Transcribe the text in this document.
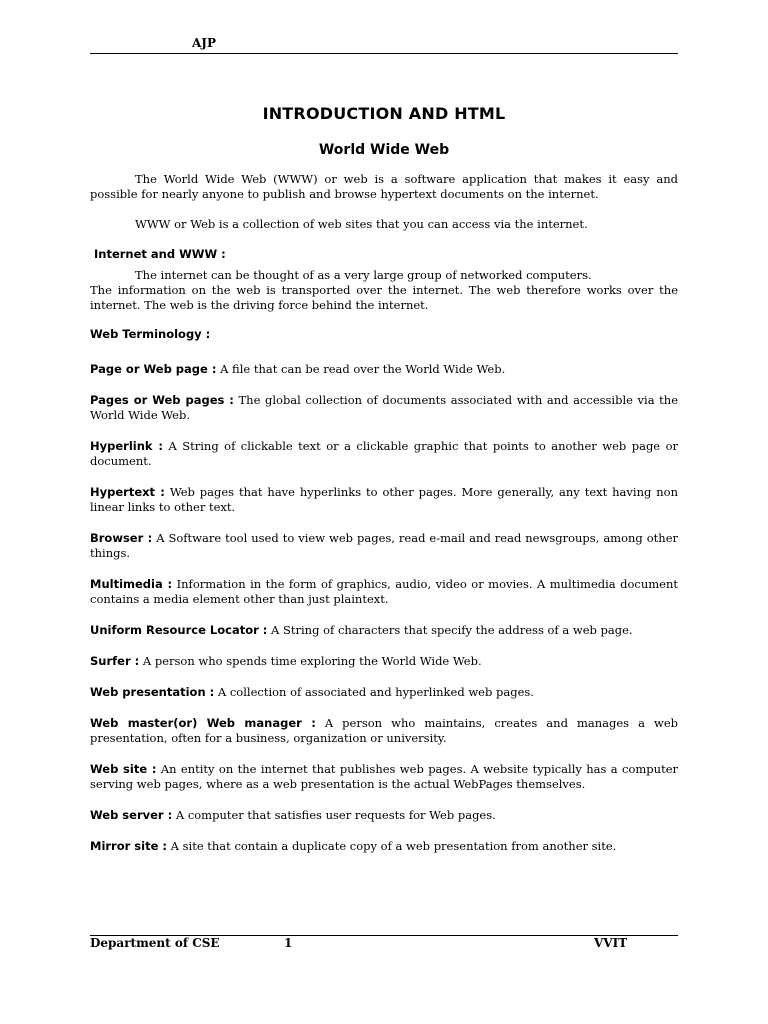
AJP
INTRODUCTION AND HTML
World Wide Web

The World Wide Web (WWW) or web is a software application that makes it easy and possible for nearly anyone to publish and browse hypertext documents on the internet.

WWW or Web is a collection of web sites that you can access via the internet.

Internet and WWW :

The internet can be thought of as a very large group of networked computers.

The information on the web is transported over the internet. The web therefore works over the internet. The web is the driving force behind the internet.

Web Terminology :

Page or Web page : A file that can be read over the World Wide Web.

Pages or Web pages : The global collection of documents associated with and accessible via the World Wide Web.

Hyperlink : A String of clickable text or a clickable graphic that points to another web page or document.

Hypertext : Web pages that have hyperlinks to other pages. More generally, any text having non linear links to other text.

Browser : A Software tool used to view web pages, read e-mail and read newsgroups, among other things.

Multimedia : Information in the form of graphics, audio, video or movies. A multimedia document contains a media element other than just plaintext.

Uniform Resource Locator : A String of characters that specify the address of a web page.

Surfer : A person who spends time exploring the World Wide Web.

Web presentation : A collection of associated and hyperlinked web pages.

Web master(or) Web manager : A person who maintains, creates and manages a web presentation, often for a business, organization or university.

Web site : An entity on the internet that publishes web pages. A website typically has a computer serving web pages, where as a web presentation is the actual WebPages themselves.

Web server : A computer that satisfies user requests for Web pages.

Mirror site : A site that contain a duplicate copy of a web presentation from another site.

Department of CSE	1	VVIT
